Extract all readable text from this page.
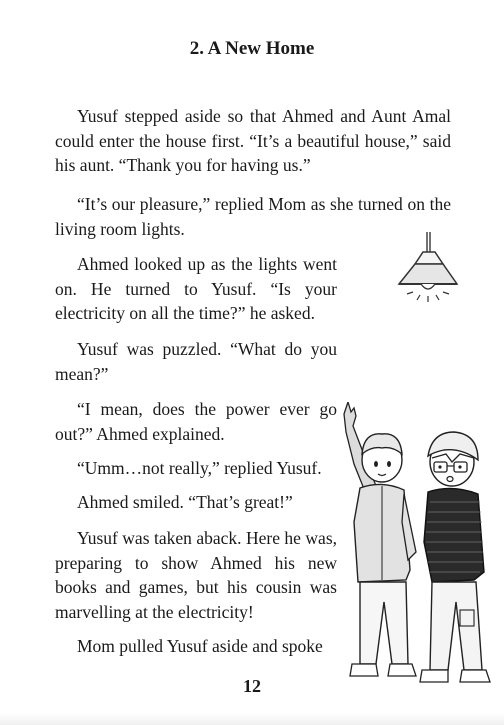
2. A New Home

Yusuf stepped aside so that Ahmed and Aunt Amal could enter the house first. “It’s a beautiful house,” said his aunt. “Thank you for having us.”

“It’s our pleasure,” replied Mom as she turned on the living room lights.

Ahmed looked up as the lights went on. He turned to Yusuf. “Is your electricity on all the time?” he asked.

Yusuf was puzzled. “What do you mean?”

“I mean, does the power ever go out?” Ahmed explained.

“Umm…not really,” replied Yusuf.

Ahmed smiled. “That’s great!”

Yusuf was taken aback. Here he was, preparing to show Ahmed his new books and games, but his cousin was marvelling at the electricity!

Mom pulled Yusuf aside and spoke

12
